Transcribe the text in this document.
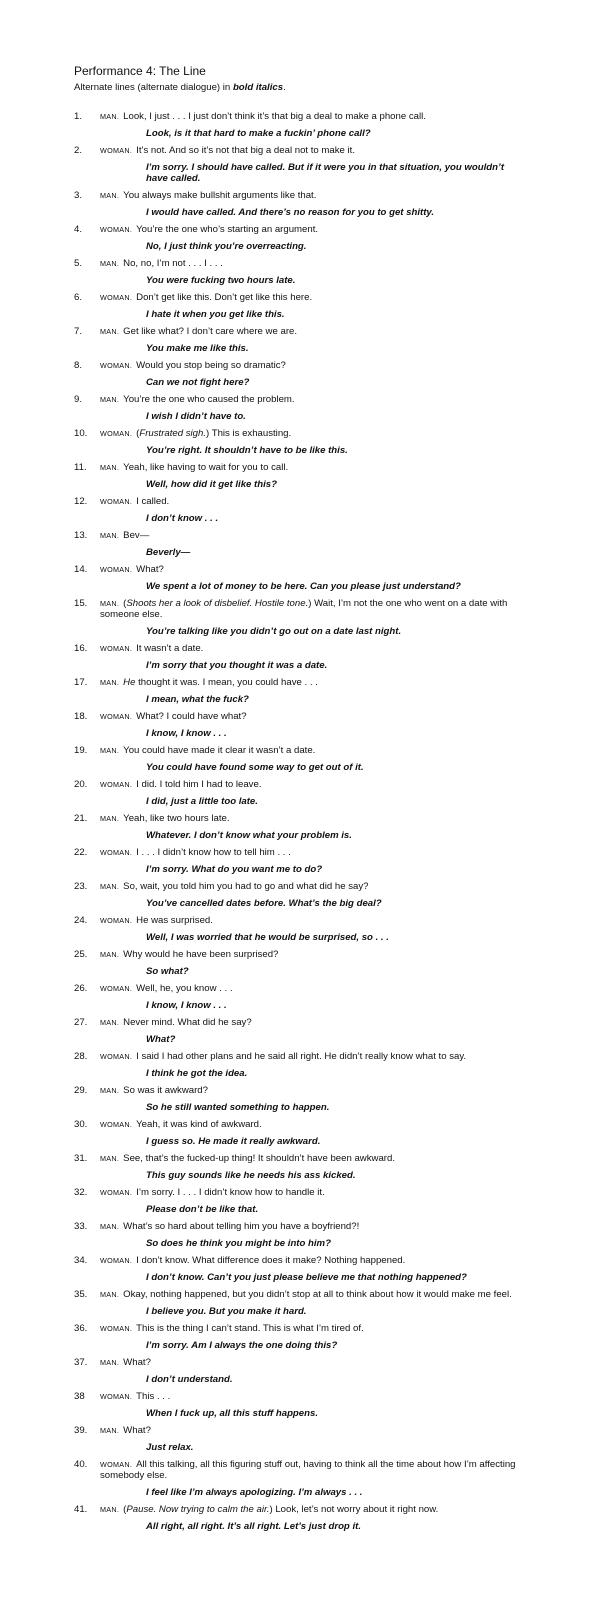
Performance 4: The Line
Alternate lines (alternate dialogue) in bold italics.
1.	MAN. Look, I just . . . I just don’t think it’s that big a deal to make a phone call.
Look, is it that hard to make a fuckin’ phone call?
2.	WOMAN. It’s not. And so it’s not that big a deal not to make it.
I’m sorry. I should have called. But if it were you in that situation, you wouldn’t have called.
3.	MAN. You always make bullshit arguments like that.
I would have called. And there’s no reason for you to get shitty.
4.	WOMAN. You’re the one who’s starting an argument.
No, I just think you’re overreacting.
5.	MAN. No, no, I’m not . . . I . . .
You were fucking two hours late.
6.	WOMAN. Don’t get like this. Don’t get like this here.
I hate it when you get like this.
7.	MAN. Get like what? I don’t care where we are.
You make me like this.
8.	WOMAN. Would you stop being so dramatic?
Can we not fight here?
9.	MAN. You’re the one who caused the problem.
I wish I didn’t have to.
10.	WOMAN. (Frustrated sigh.) This is exhausting.
You’re right. It shouldn’t have to be like this.
11.	MAN. Yeah, like having to wait for you to call.
Well, how did it get like this?
12.	WOMAN. I called.
I don’t know . . .
13.	MAN. Bev—
Beverly—
14.	WOMAN. What?
We spent a lot of money to be here. Can you please just understand?
15.	MAN. (Shoots her a look of disbelief. Hostile tone.) Wait, I’m not the one who went on a date with someone else.
You’re talking like you didn’t go out on a date last night.
16.	WOMAN. It wasn’t a date.
I’m sorry that you thought it was a date.
17.	MAN. He thought it was. I mean, you could have . . .
I mean, what the fuck?
18.	WOMAN. What? I could have what?
I know, I know . . .
19.	MAN. You could have made it clear it wasn’t a date.
You could have found some way to get out of it.
20.	WOMAN. I did. I told him I had to leave.
I did, just a little too late.
21.	MAN. Yeah, like two hours late.
Whatever. I don’t know what your problem is.
22.	WOMAN. I . . . I didn’t know how to tell him . . .
I’m sorry. What do you want me to do?
23.	MAN. So, wait, you told him you had to go and what did he say?
You’ve cancelled dates before. What’s the big deal?
24.	WOMAN. He was surprised.
Well, I was worried that he would be surprised, so . . .
25.	MAN. Why would he have been surprised?
So what?
26.	WOMAN. Well, he, you know . . .
I know, I know . . .
27.	MAN. Never mind. What did he say?
What?
28.	WOMAN. I said I had other plans and he said all right. He didn’t really know what to say.
I think he got the idea.
29.	MAN. So was it awkward?
So he still wanted something to happen.
30.	WOMAN. Yeah, it was kind of awkward.
I guess so. He made it really awkward.
31.	MAN. See, that’s the fucked-up thing! It shouldn’t have been awkward.
This guy sounds like he needs his ass kicked.
32.	WOMAN. I’m sorry. I . . . I didn’t know how to handle it.
Please don’t be like that.
33.	MAN. What’s so hard about telling him you have a boyfriend?!
So does he think you might be into him?
34.	WOMAN. I don’t know. What difference does it make? Nothing happened.
I don’t know. Can’t you just please believe me that nothing happened?
35.	MAN. Okay, nothing happened, but you didn’t stop at all to think about how it would make me feel.
I believe you. But you make it hard.
36.	WOMAN. This is the thing I can’t stand. This is what I’m tired of.
I’m sorry. Am I always the one doing this?
37.	MAN. What?
I don’t understand.
38	WOMAN. This . . .
When I fuck up, all this stuff happens.
39.	MAN. What?
Just relax.
40.	WOMAN. All this talking, all this figuring stuff out, having to think all the time about how I’m affecting somebody else.
I feel like I’m always apologizing. I’m always . . .
41.	MAN. (Pause. Now trying to calm the air.) Look, let’s not worry about it right now.
All right, all right. It’s all right. Let’s just drop it.
